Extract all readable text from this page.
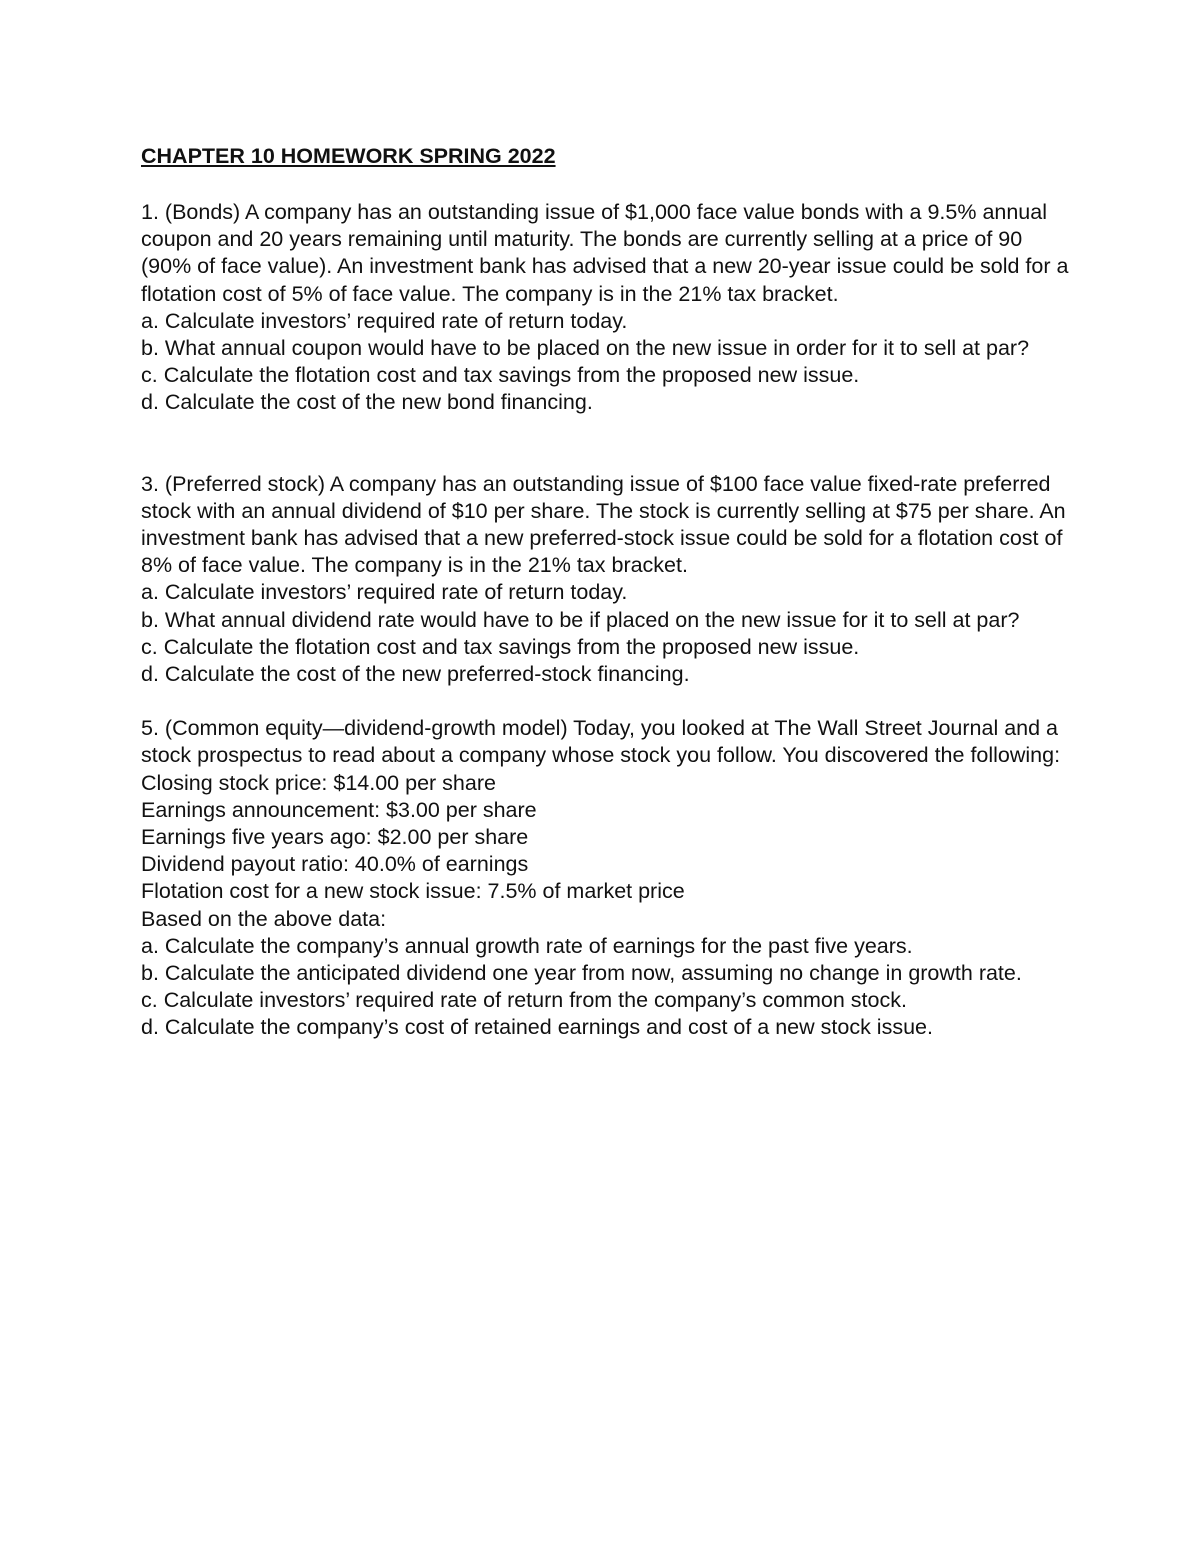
CHAPTER 10 HOMEWORK SPRING 2022
1. (Bonds) A company has an outstanding issue of $1,000 face value bonds with a 9.5% annual coupon and 20 years remaining until maturity. The bonds are currently selling at a price of 90 (90% of face value). An investment bank has advised that a new 20-year issue could be sold for a flotation cost of 5% of face value. The company is in the 21% tax bracket.
a. Calculate investors’ required rate of return today.
b. What annual coupon would have to be placed on the new issue in order for it to sell at par?
c. Calculate the flotation cost and tax savings from the proposed new issue.
d. Calculate the cost of the new bond financing.
3. (Preferred stock) A company has an outstanding issue of $100 face value fixed-rate preferred stock with an annual dividend of $10 per share. The stock is currently selling at $75 per share. An investment bank has advised that a new preferred-stock issue could be sold for a flotation cost of 8% of face value. The company is in the 21% tax bracket.
a. Calculate investors’ required rate of return today.
b. What annual dividend rate would have to be if placed on the new issue for it to sell at par?
c. Calculate the flotation cost and tax savings from the proposed new issue.
d. Calculate the cost of the new preferred-stock financing.
5. (Common equity—dividend-growth model) Today, you looked at The Wall Street Journal and a stock prospectus to read about a company whose stock you follow. You discovered the following:
Closing stock price: $14.00 per share
Earnings announcement: $3.00 per share
Earnings five years ago: $2.00 per share
Dividend payout ratio: 40.0% of earnings
Flotation cost for a new stock issue: 7.5% of market price
Based on the above data:
a. Calculate the company’s annual growth rate of earnings for the past five years.
b. Calculate the anticipated dividend one year from now, assuming no change in growth rate.
c. Calculate investors’ required rate of return from the company’s common stock.
d. Calculate the company’s cost of retained earnings and cost of a new stock issue.
